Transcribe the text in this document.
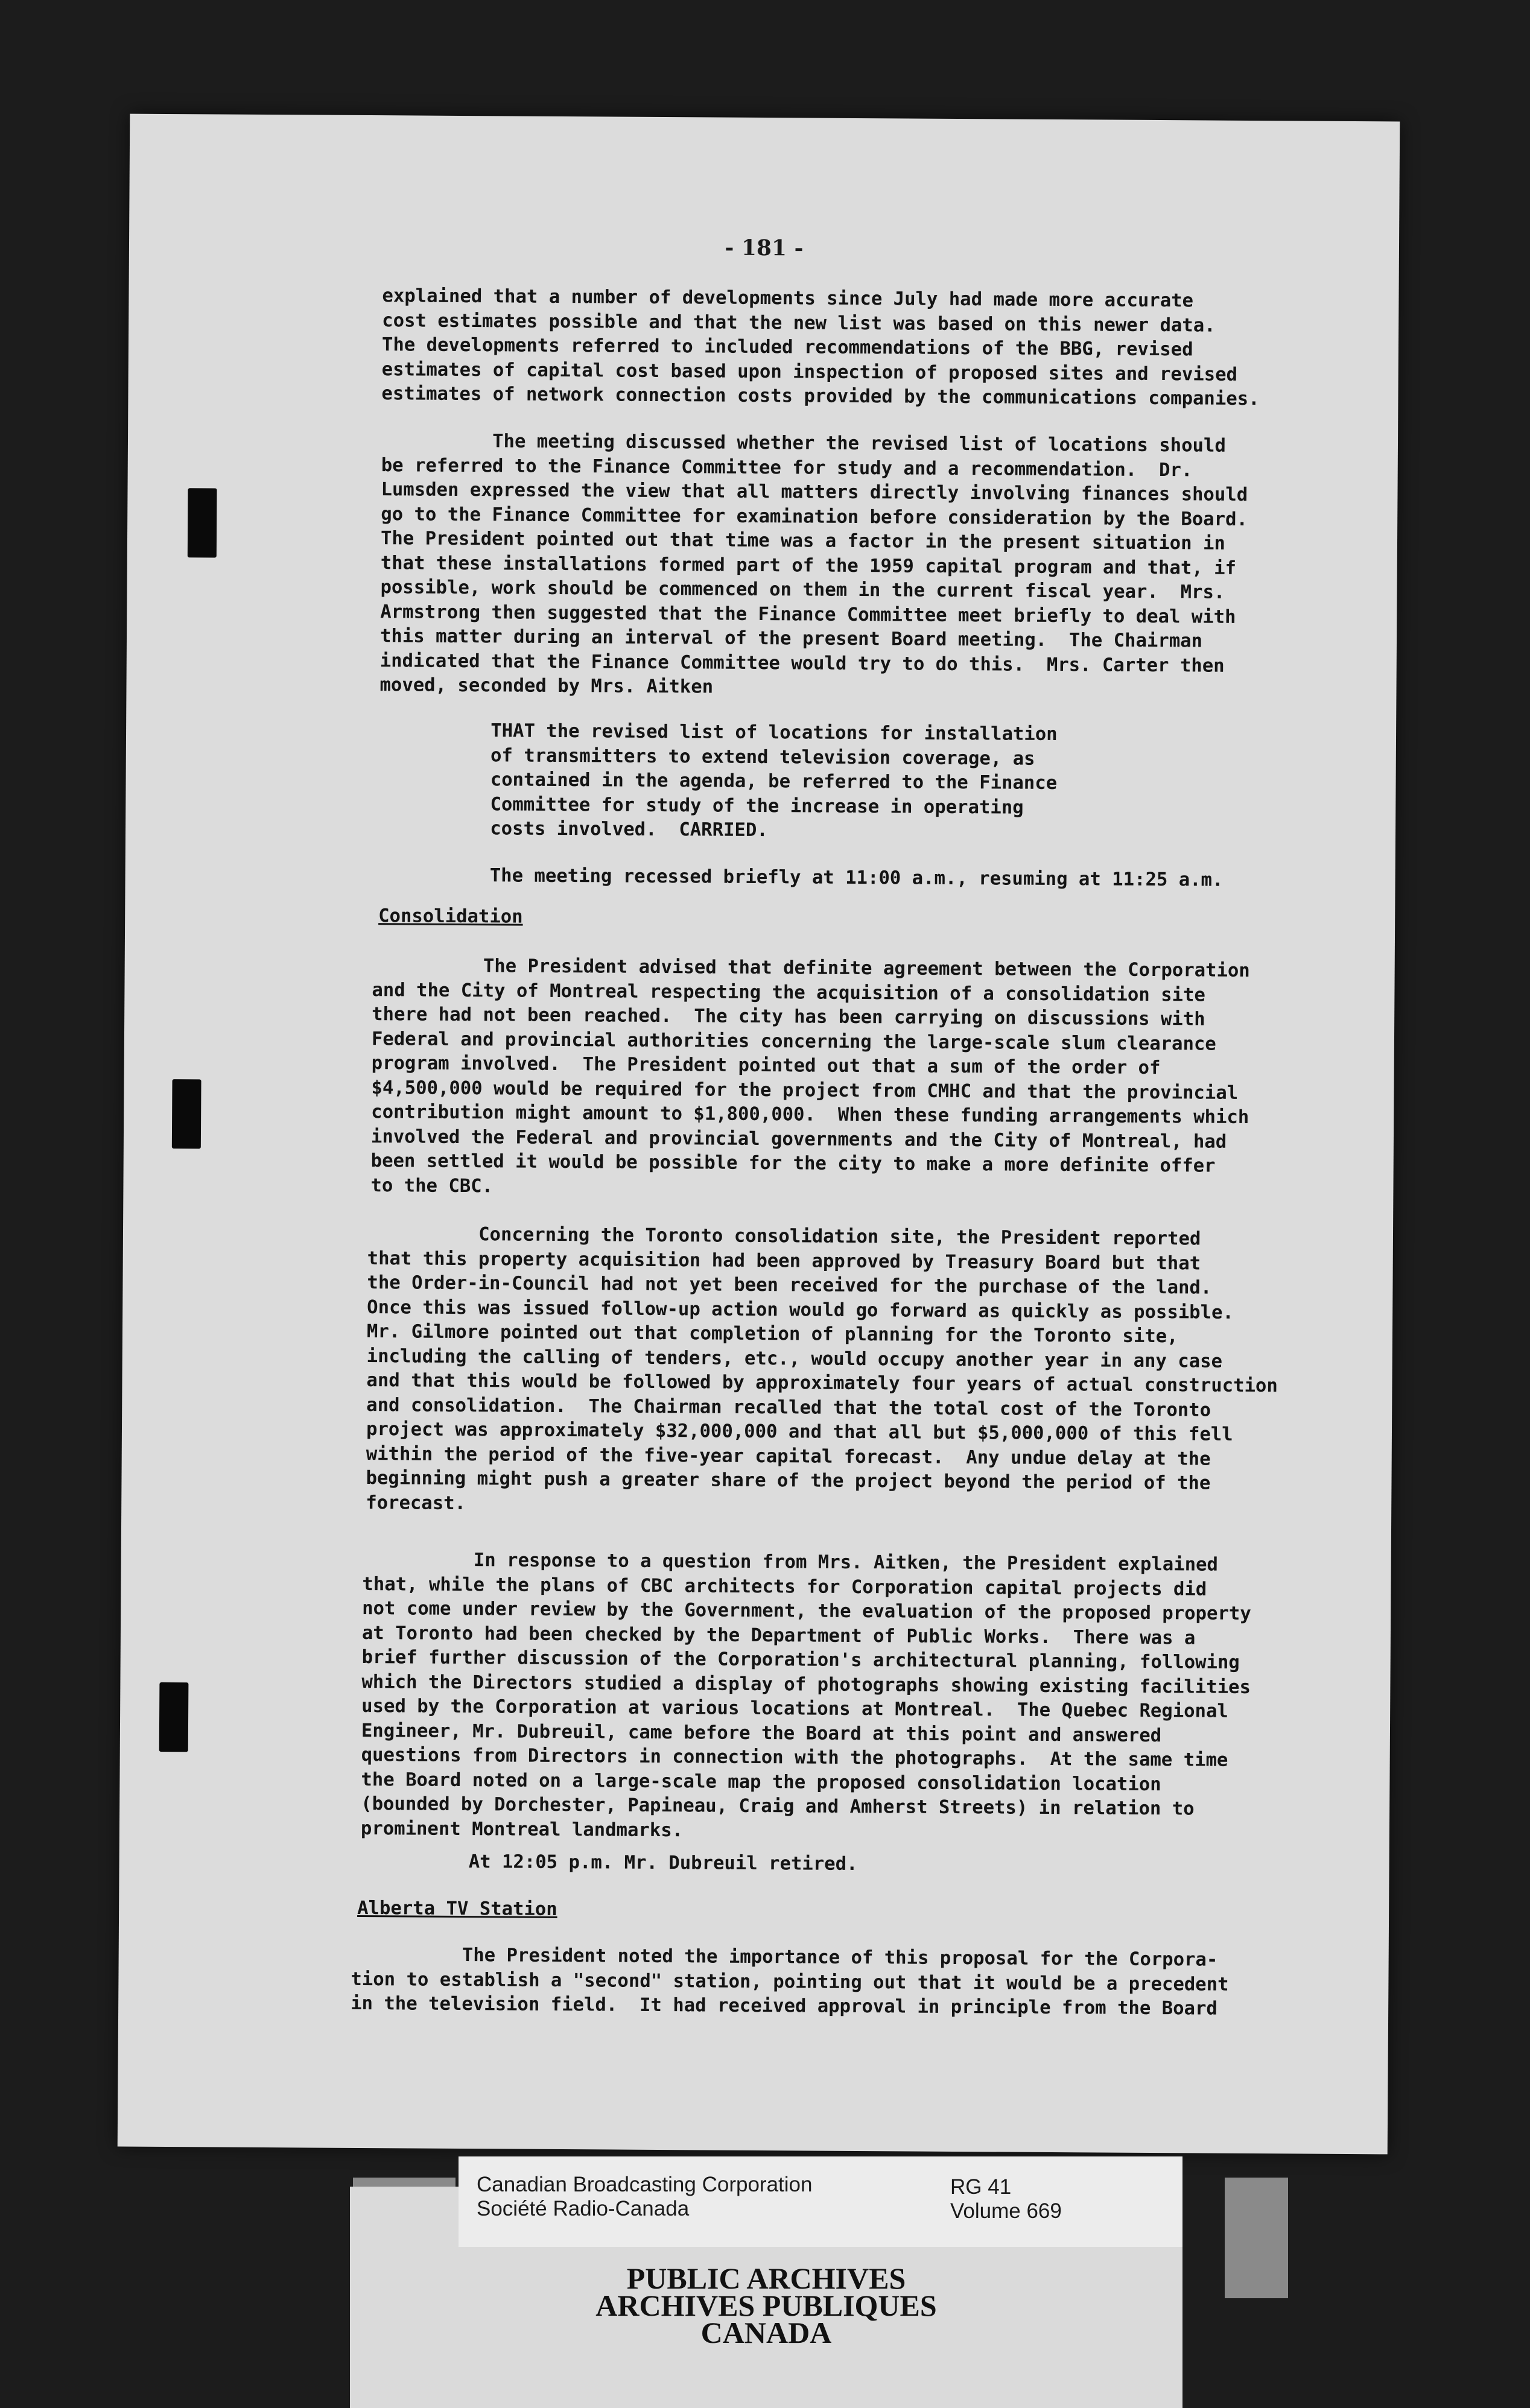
- 181 -
explained that a number of developments since July had made more accurate
cost estimates possible and that the new list was based on this newer data.
The developments referred to included recommendations of the BBG, revised
estimates of capital cost based upon inspection of proposed sites and revised
estimates of network connection costs provided by the communications companies.
The meeting discussed whether the revised list of locations should
be referred to the Finance Committee for study and a recommendation.  Dr.
Lumsden expressed the view that all matters directly involving finances should
go to the Finance Committee for examination before consideration by the Board.
The President pointed out that time was a factor in the present situation in
that these installations formed part of the 1959 capital program and that, if
possible, work should be commenced on them in the current fiscal year.  Mrs.
Armstrong then suggested that the Finance Committee meet briefly to deal with
this matter during an interval of the present Board meeting.  The Chairman
indicated that the Finance Committee would try to do this.  Mrs. Carter then
moved, seconded by Mrs. Aitken
THAT the revised list of locations for installation
of transmitters to extend television coverage, as
contained in the agenda, be referred to the Finance
Committee for study of the increase in operating
costs involved.  CARRIED.
The meeting recessed briefly at 11:00 a.m., resuming at 11:25 a.m.
Consolidation
The President advised that definite agreement between the Corporation
and the City of Montreal respecting the acquisition of a consolidation site
there had not been reached.  The city has been carrying on discussions with
Federal and provincial authorities concerning the large-scale slum clearance
program involved.  The President pointed out that a sum of the order of
$4,500,000 would be required for the project from CMHC and that the provincial
contribution might amount to $1,800,000.  When these funding arrangements which
involved the Federal and provincial governments and the City of Montreal, had
been settled it would be possible for the city to make a more definite offer
to the CBC.
Concerning the Toronto consolidation site, the President reported
that this property acquisition had been approved by Treasury Board but that
the Order-in-Council had not yet been received for the purchase of the land.
Once this was issued follow-up action would go forward as quickly as possible.
Mr. Gilmore pointed out that completion of planning for the Toronto site,
including the calling of tenders, etc., would occupy another year in any case
and that this would be followed by approximately four years of actual construction
and consolidation.  The Chairman recalled that the total cost of the Toronto
project was approximately $32,000,000 and that all but $5,000,000 of this fell
within the period of the five-year capital forecast.  Any undue delay at the
beginning might push a greater share of the project beyond the period of the
forecast.
In response to a question from Mrs. Aitken, the President explained
that, while the plans of CBC architects for Corporation capital projects did
not come under review by the Government, the evaluation of the proposed property
at Toronto had been checked by the Department of Public Works.  There was a
brief further discussion of the Corporation's architectural planning, following
which the Directors studied a display of photographs showing existing facilities
used by the Corporation at various locations at Montreal.  The Quebec Regional
Engineer, Mr. Dubreuil, came before the Board at this point and answered
questions from Directors in connection with the photographs.  At the same time
the Board noted on a large-scale map the proposed consolidation location
(bounded by Dorchester, Papineau, Craig and Amherst Streets) in relation to
prominent Montreal landmarks.
At 12:05 p.m. Mr. Dubreuil retired.
Alberta TV Station
The President noted the importance of this proposal for the Corpora-
tion to establish a "second" station, pointing out that it would be a precedent
in the television field.  It had received approval in principle from the Board
Canadian Broadcasting Corporation
Société Radio-Canada
RG 41
Volume 669
PUBLIC ARCHIVES
ARCHIVES PUBLIQUES
CANADA
